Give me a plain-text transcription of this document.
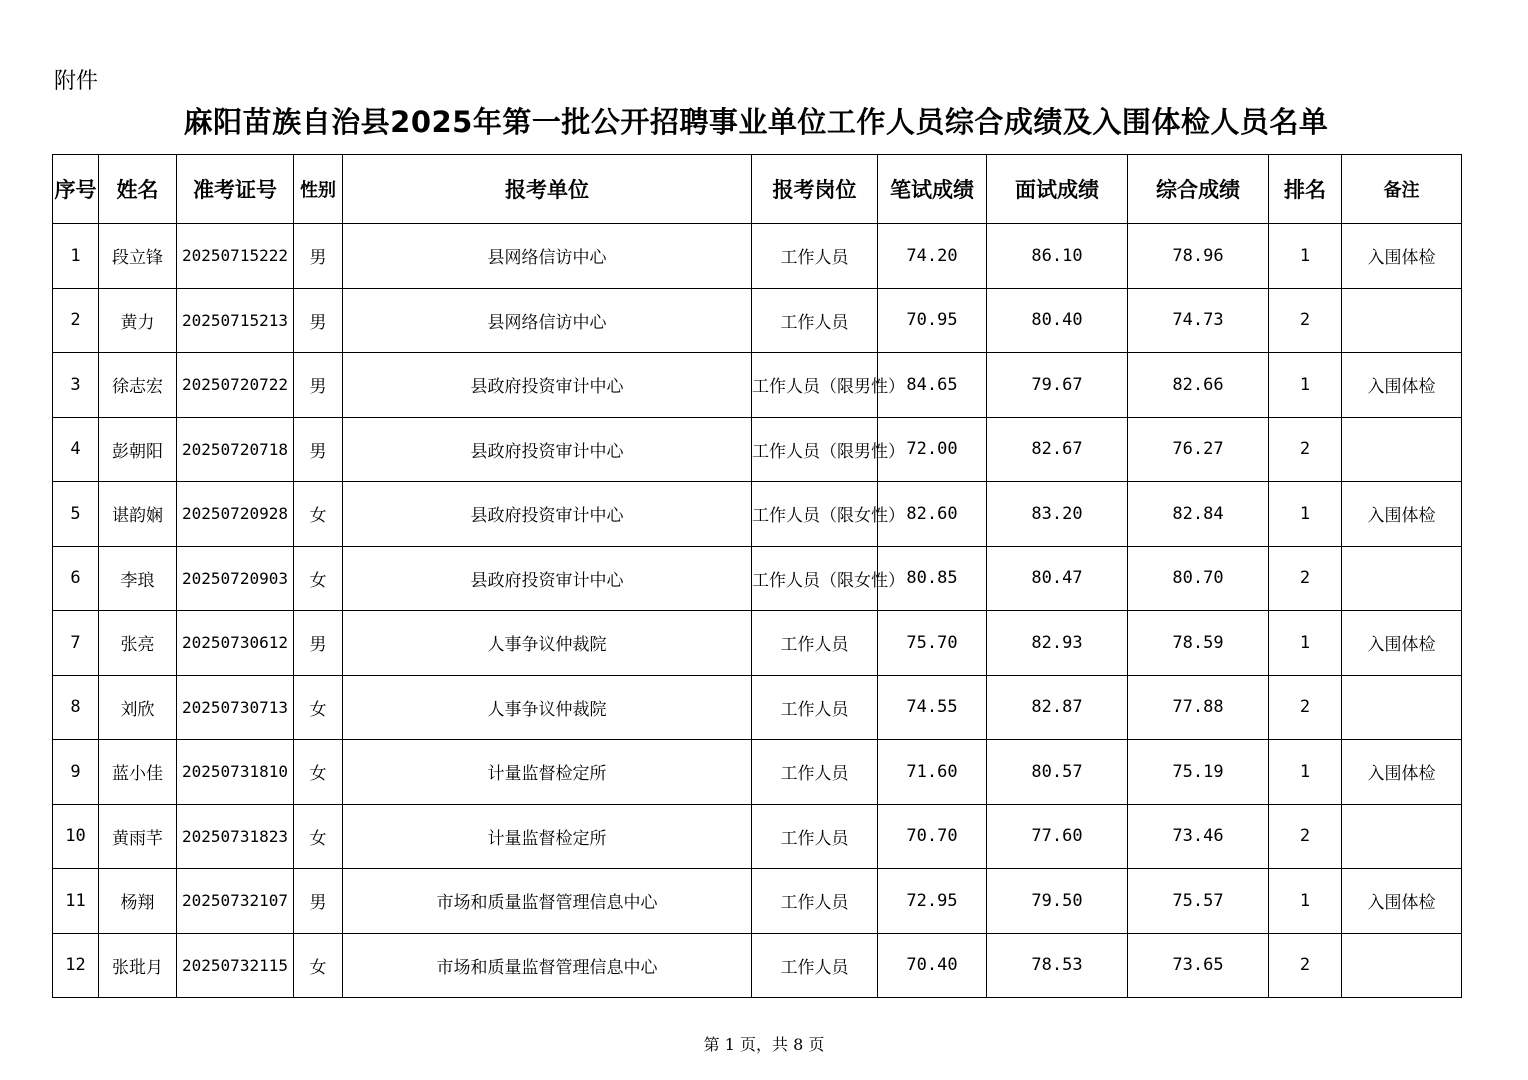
附件
麻阳苗族自治县2025年第一批公开招聘事业单位工作人员综合成绩及入围体检人员名单
序号	姓名	准考证号	性别	报考单位	报考岗位	笔试成绩	面试成绩	综合成绩	排名	备注
1	段立锋	20250715222	男	县网络信访中心	工作人员	74.20	86.10	78.96	1	入围体检
2	黄力	20250715213	男	县网络信访中心	工作人员	70.95	80.40	74.73	2	
3	徐志宏	20250720722	男	县政府投资审计中心	工作人员（限男性）	84.65	79.67	82.66	1	入围体检
4	彭朝阳	20250720718	男	县政府投资审计中心	工作人员（限男性）	72.00	82.67	76.27	2	
5	谌韵娴	20250720928	女	县政府投资审计中心	工作人员（限女性）	82.60	83.20	82.84	1	入围体检
6	李琅	20250720903	女	县政府投资审计中心	工作人员（限女性）	80.85	80.47	80.70	2	
7	张亮	20250730612	男	人事争议仲裁院	工作人员	75.70	82.93	78.59	1	入围体检
8	刘欣	20250730713	女	人事争议仲裁院	工作人员	74.55	82.87	77.88	2	
9	蓝小佳	20250731810	女	计量监督检定所	工作人员	71.60	80.57	75.19	1	入围体检
10	黄雨芊	20250731823	女	计量监督检定所	工作人员	70.70	77.60	73.46	2	
11	杨翔	20250732107	男	市场和质量监督管理信息中心	工作人员	72.95	79.50	75.57	1	入围体检
12	张玭月	20250732115	女	市场和质量监督管理信息中心	工作人员	70.40	78.53	73.65	2	
第 1 页，共 8 页
